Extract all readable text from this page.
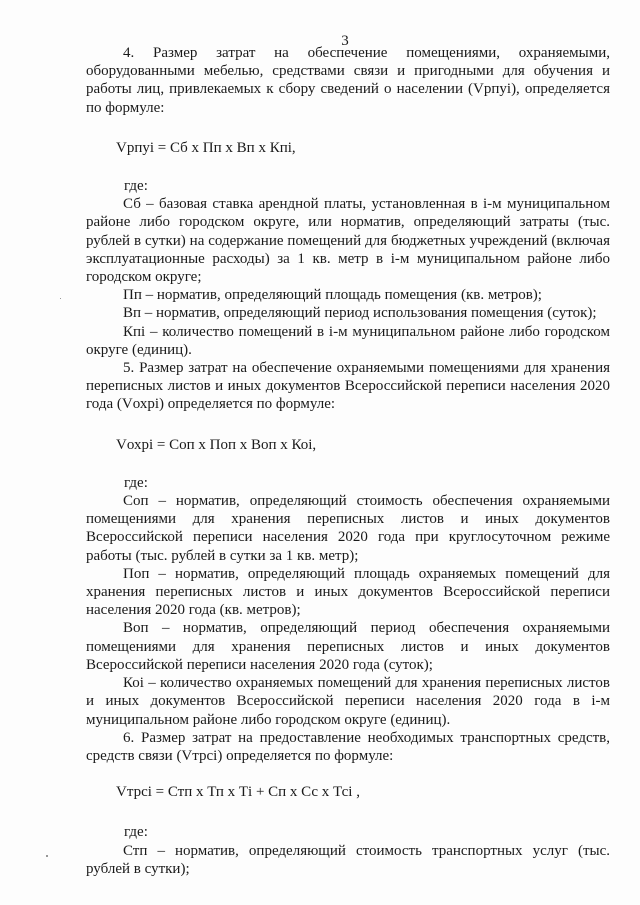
3

4. Размер затрат на обеспечение помещениями, охраняемыми, оборудованными мебелью, средствами связи и пригодными для обучения и работы лиц, привлекаемых к сбору сведений о населении (Vрпуi), определяется по формуле:

Vрпуi = Сб x Пп x Вп x Кпi,

где:

Сб – базовая ставка арендной платы, установленная в i-м муниципальном районе либо городском округе, или норматив, определяющий затраты (тыс. рублей в сутки) на содержание помещений для бюджетных учреждений (включая эксплуатационные расходы) за 1 кв. метр в i-м муниципальном районе либо городском округе;

Пп – норматив, определяющий площадь помещения (кв. метров);

Вп – норматив, определяющий период использования помещения (суток);

Кпi – количество помещений в i-м муниципальном районе либо городском округе (единиц).

5. Размер затрат на обеспечение охраняемыми помещениями для хранения переписных листов и иных документов Всероссийской переписи населения 2020 года (Vохрi) определяется по формуле:

Vохрi = Соп x Поп x Воп x Коi,

где:

Соп – норматив, определяющий стоимость обеспечения охраняемыми помещениями для хранения переписных листов и иных документов Всероссийской переписи населения 2020 года при круглосуточном режиме работы (тыс. рублей в сутки за 1 кв. метр);

Поп – норматив, определяющий площадь охраняемых помещений для хранения переписных листов и иных документов Всероссийской переписи населения 2020 года (кв. метров);

Воп – норматив, определяющий период обеспечения охраняемыми помещениями для хранения переписных листов и иных документов Всероссийской переписи населения 2020 года (суток);

Коi – количество охраняемых помещений для хранения переписных листов и иных документов Всероссийской переписи населения 2020 года в i-м муниципальном районе либо городском округе (единиц).

6. Размер затрат на предоставление необходимых транспортных средств, средств связи (Vтрсi) определяется по формуле:

Vтрсi = Стп x Тп x Тi + Сп x Сс x Тсi ,

где:

Стп – норматив, определяющий стоимость транспортных услуг (тыс. рублей в сутки);
